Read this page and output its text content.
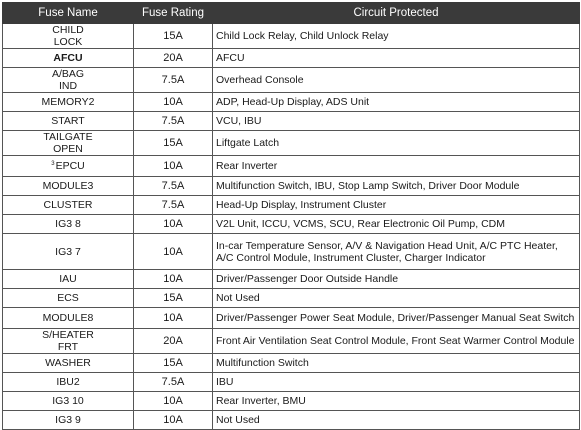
Fuse Name	Fuse Rating	Circuit Protected
CHILD
LOCK	15A	Child Lock Relay, Child Unlock Relay
AFCU	20A	AFCU
A/BAG
IND	7.5A	Overhead Console
MEMORY2	10A	ADP, Head-Up Display, ADS Unit
START	7.5A	VCU, IBU
TAILGATE
OPEN	15A	Liftgate Latch
$^3$EPCU	10A	Rear Inverter
MODULE3	7.5A	Multifunction Switch, IBU, Stop Lamp Switch, Driver Door Module
CLUSTER	7.5A	Head-Up Display, Instrument Cluster
IG3 8	10A	V2L Unit, ICCU, VCMS, SCU, Rear Electronic Oil Pump, CDM
IG3 7	10A	In-car Temperature Sensor, A/V & Navigation Head Unit, A/C PTC Heater, A/C Control Module, Instrument Cluster, Charger Indicator
IAU	10A	Driver/Passenger Door Outside Handle
ECS	15A	Not Used
MODULE8	10A	Driver/Passenger Power Seat Module, Driver/Passenger Manual Seat Switch
S/HEATER
FRT	20A	Front Air Ventilation Seat Control Module, Front Seat Warmer Control Module
WASHER	15A	Multifunction Switch
IBU2	7.5A	IBU
IG3 10	10A	Rear Inverter, BMU
IG3 9	10A	Not Used
